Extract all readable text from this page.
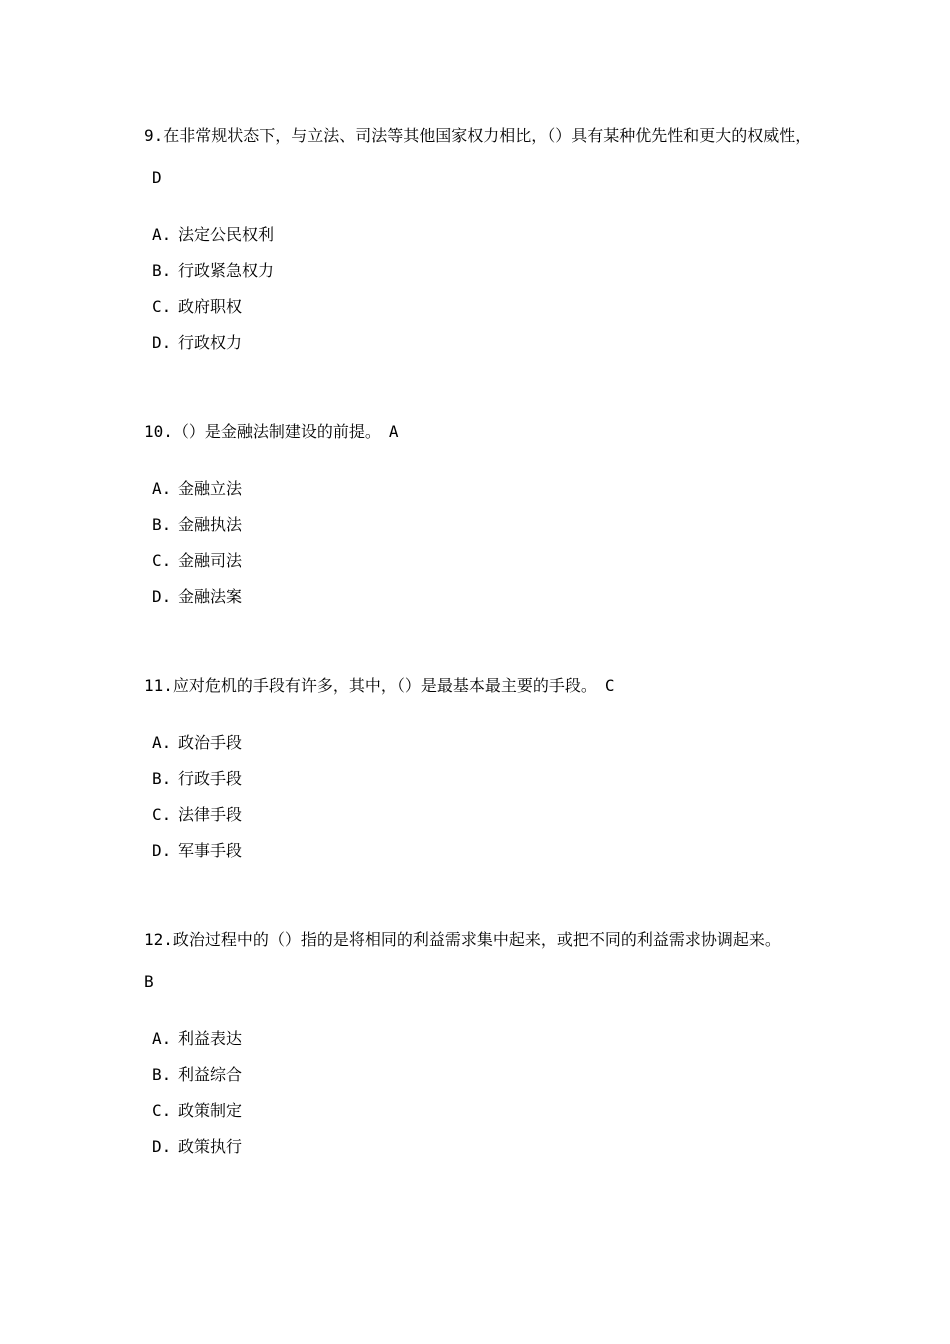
9.在非常规状态下，与立法、司法等其他国家权力相比，（）具有某种优先性和更大的权威性，D

A. 法定公民权利
B. 行政紧急权力
C. 政府职权
D. 行政权力

10.（）是金融法制建设的前提。 A

A. 金融立法
B. 金融执法
C. 金融司法
D. 金融法案

11.应对危机的手段有许多，其中，（）是最基本最主要的手段。 C

A. 政治手段
B. 行政手段
C. 法律手段
D. 军事手段

12.政治过程中的（）指的是将相同的利益需求集中起来，或把不同的利益需求协调起来。
B

A. 利益表达
B. 利益综合
C. 政策制定
D. 政策执行
